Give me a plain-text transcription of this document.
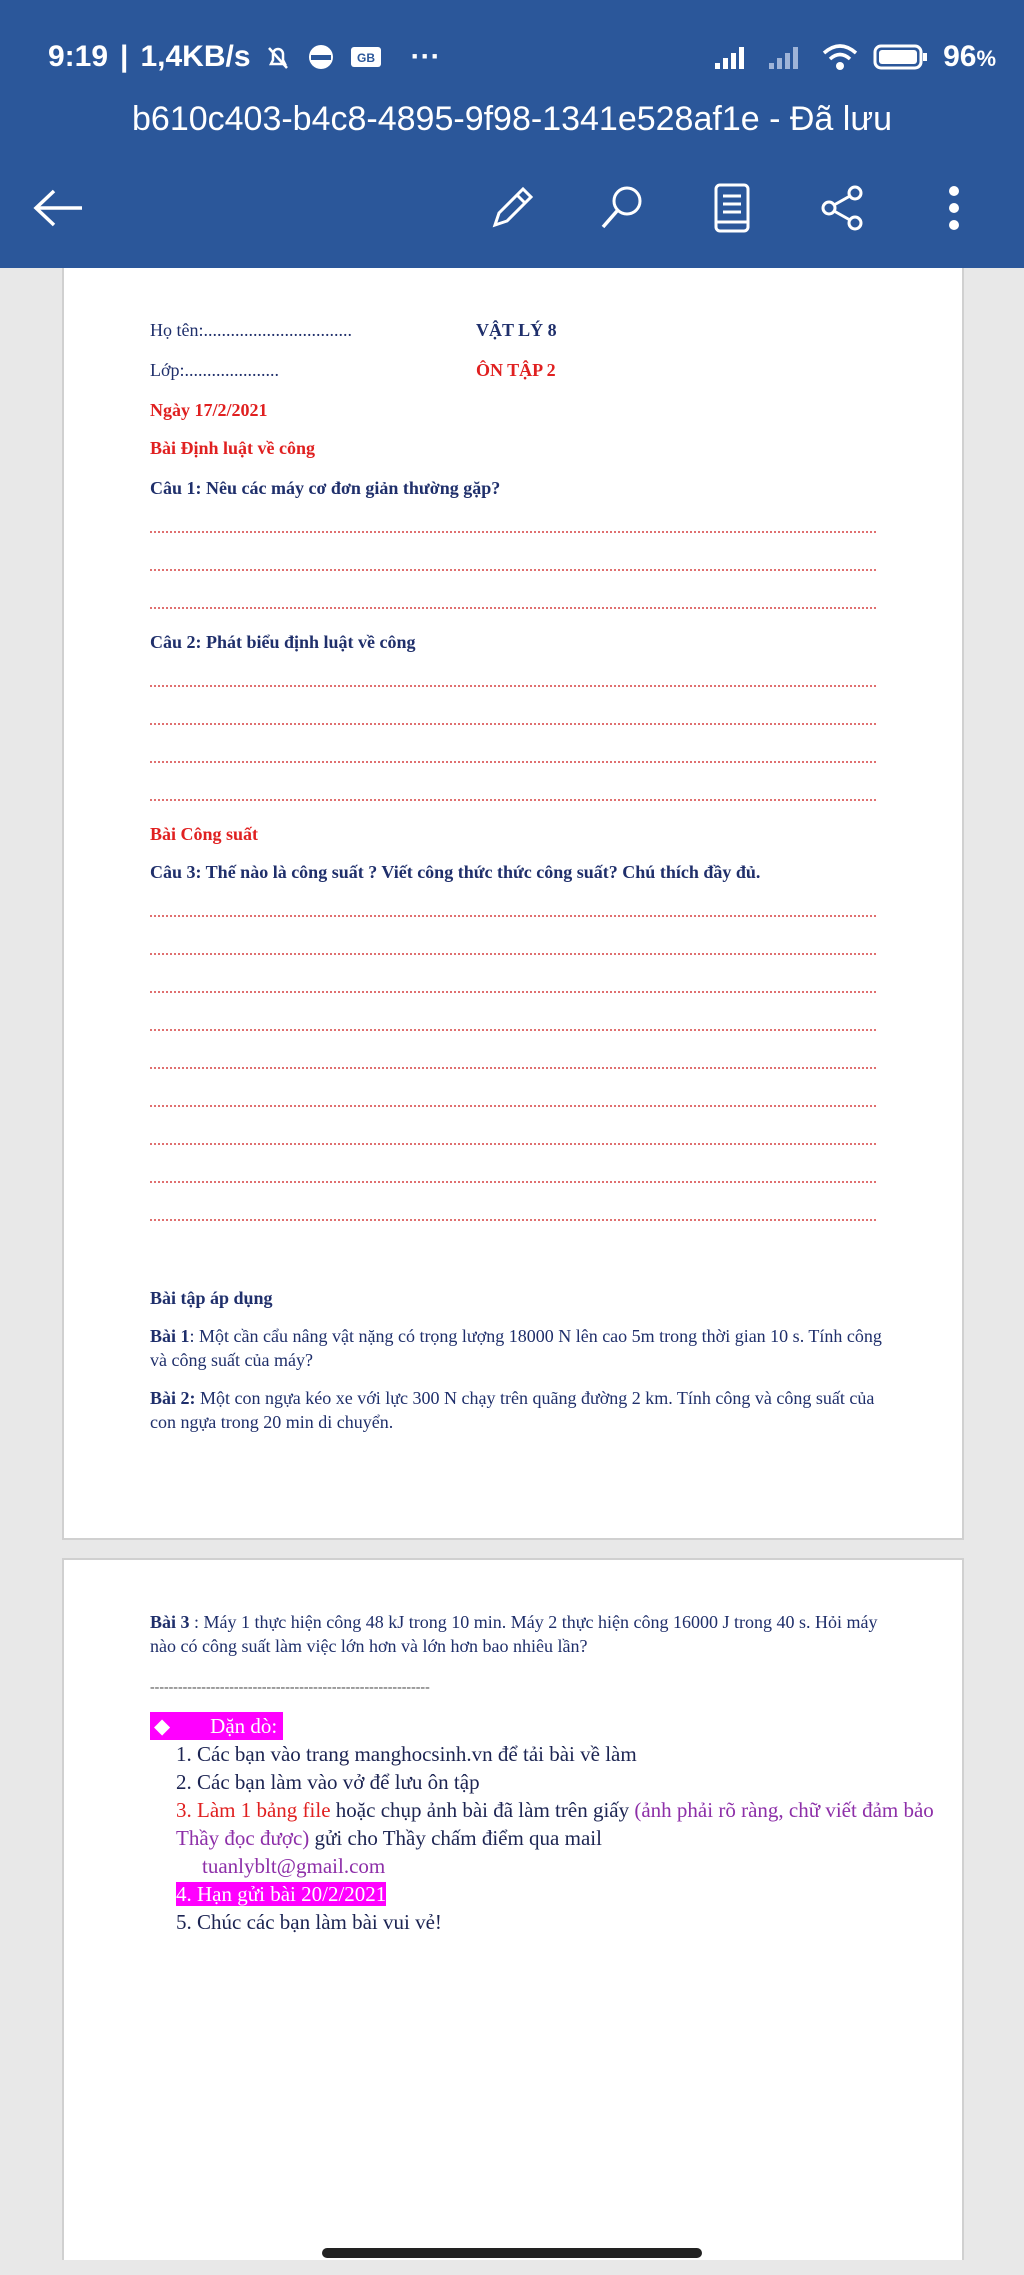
9:19 | 1,4KB/s	GB ···	96%
b610c403-b4c8-4895-9f98-1341e528af1e - Đã lưu
Họ tên:.................................	VẬT LÝ 8
Lớp:.....................	ÔN TẬP 2
Ngày 17/2/2021
Bài Định luật về công
Câu 1: Nêu các máy cơ đơn giản thường gặp?
Câu 2: Phát biểu định luật về công
Bài Công suất
Câu 3: Thế nào là công suất ? Viết công thức thức công suất? Chú thích đầy đủ.
Bài tập áp dụng
Bài 1: Một cần cẩu nâng vật nặng có trọng lượng 18000 N lên cao 5m trong thời gian 10 s. Tính công và công suất của máy?
Bài 2: Một con ngựa kéo xe với lực 300 N chạy trên quãng đường 2 km. Tính công và công suất của con ngựa trong 20 min di chuyển.
Bài 3 : Máy 1 thực hiện công 48 kJ trong 10 min. Máy 2 thực hiện công 16000 J trong 40 s. Hỏi máy nào có công suất làm việc lớn hơn và lớn hơn bao nhiêu lần?
------------------------------------------------------------
◆ Dặn dò:
1. Các bạn vào trang manghocsinh.vn để tải bài về làm
2. Các bạn làm vào vở để lưu ôn tập
3. Làm 1 bảng file hoặc chụp ảnh bài đã làm trên giấy (ảnh phải rõ ràng, chữ viết đảm bảo Thầy đọc được) gửi cho Thầy chấm điểm qua mail
tuanlyblt@gmail.com
4. Hạn gửi bài 20/2/2021
5. Chúc các bạn làm bài vui vẻ!
